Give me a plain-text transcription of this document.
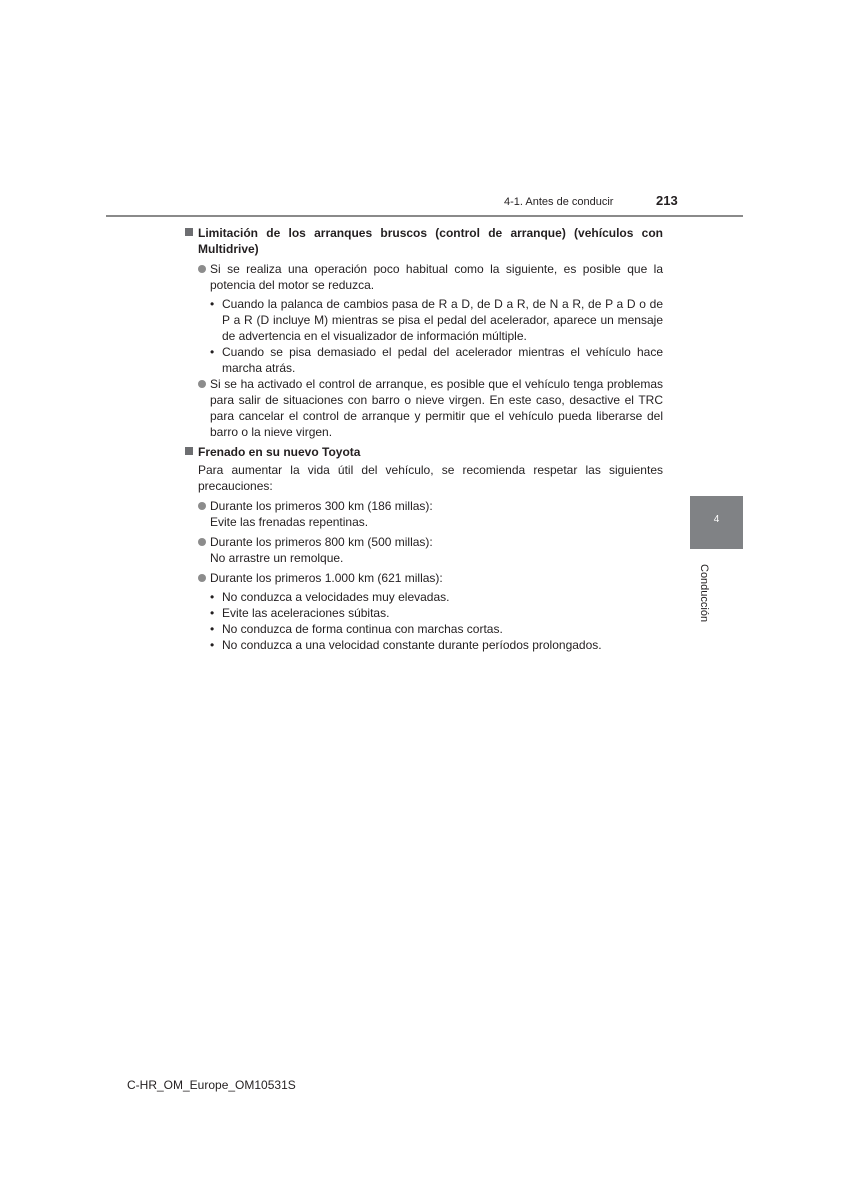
4-1. Antes de conducir	213
Limitación de los arranques bruscos (control de arranque) (vehículos con Multidrive)
Si se realiza una operación poco habitual como la siguiente, es posible que la potencia del motor se reduzca.
• Cuando la palanca de cambios pasa de R a D, de D a R, de N a R, de P a D o de P a R (D incluye M) mientras se pisa el pedal del acelerador, aparece un mensaje de advertencia en el visualizador de información múltiple.
• Cuando se pisa demasiado el pedal del acelerador mientras el vehículo hace marcha atrás.
Si se ha activado el control de arranque, es posible que el vehículo tenga problemas para salir de situaciones con barro o nieve virgen. En este caso, desactive el TRC para cancelar el control de arranque y permitir que el vehículo pueda liberarse del barro o la nieve virgen.
Frenado en su nuevo Toyota
Para aumentar la vida útil del vehículo, se recomienda respetar las siguientes precauciones:
Durante los primeros 300 km (186 millas):
Evite las frenadas repentinas.
Durante los primeros 800 km (500 millas):
No arrastre un remolque.
Durante los primeros 1.000 km (621 millas):
• No conduzca a velocidades muy elevadas.
• Evite las aceleraciones súbitas.
• No conduzca de forma continua con marchas cortas.
• No conduzca a una velocidad constante durante períodos prolongados.
4
Conducción
C-HR_OM_Europe_OM10531S
